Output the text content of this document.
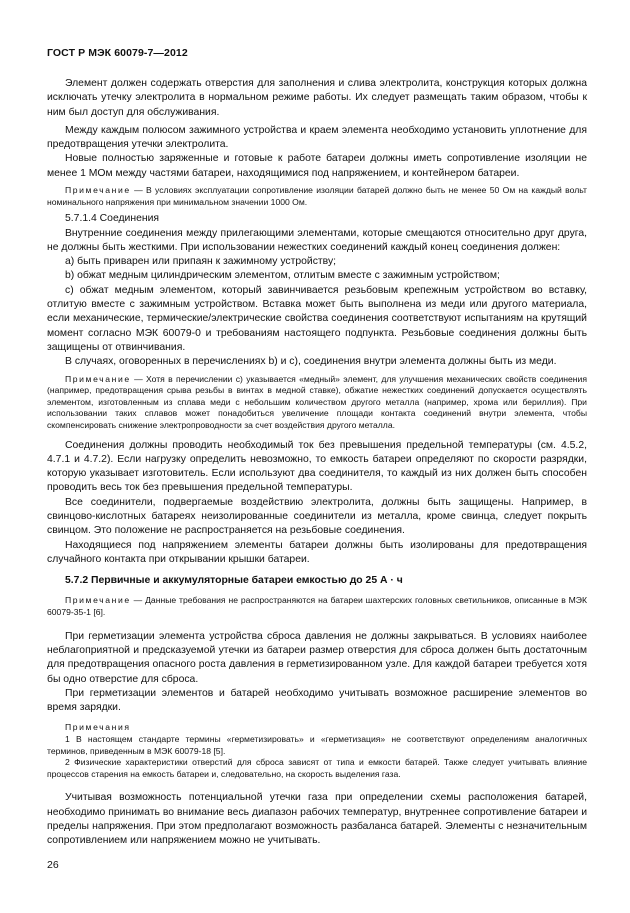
ГОСТ Р МЭК 60079-7—2012

Элемент должен содержать отверстия для заполнения и слива электролита, конструкция которых должна исключать утечку электролита в нормальном режиме работы. Их следует размещать таким образом, чтобы к ним был доступ для обслуживания.

Между каждым полюсом зажимного устройства и краем элемента необходимо установить уплотнение для предотвращения утечки электролита.

Новые полностью заряженные и готовые к работе батареи должны иметь сопротивление изоляции не менее 1 МОм между частями батареи, находящимися под напряжением, и контейнером батареи.

Примечание — В условиях эксплуатации сопротивление изоляции батарей должно быть не менее 50 Ом на каждый вольт номинального напряжения при минимальном значении 1000 Ом.

5.7.1.4 Соединения

Внутренние соединения между прилегающими элементами, которые смещаются относительно друг друга, не должны быть жесткими. При использовании нежестких соединений каждый конец соединения должен:

а) быть приварен или припаян к зажимному устройству;

b) обжат медным цилиндрическим элементом, отлитым вместе с зажимным устройством;

с) обжат медным элементом, который завинчивается резьбовым крепежным устройством во вставку, отлитую вместе с зажимным устройством. Вставка может быть выполнена из меди или другого материала, если механические, термические/электрические свойства соединения соответствуют испытаниям на крутящий момент согласно МЭК 60079-0 и требованиям настоящего подпункта. Резьбовые соединения должны быть защищены от отвинчивания.

В случаях, оговоренных в перечислениях b) и с), соединения внутри элемента должны быть из меди.

Примечание — Хотя в перечислении с) указывается «медный» элемент, для улучшения механических свойств соединения (например, предотвращения срыва резьбы в винтах в медной ставке), обжатие нежестких соединений допускается осуществлять элементом, изготовленным из сплава меди с небольшим количеством другого металла (например, хрома или бериллия). При использовании таких сплавов может понадобиться увеличение площади контакта соединений внутри элемента, чтобы скомпенсировать снижение электропроводности за счет воздействия другого металла.

Соединения должны проводить необходимый ток без превышения предельной температуры (см. 4.5.2, 4.7.1 и 4.7.2). Если нагрузку определить невозможно, то емкость батареи определяют по скорости разрядки, которую указывает изготовитель. Если используют два соединителя, то каждый из них должен быть способен проводить весь ток без превышения предельной температуры.

Все соединители, подвергаемые воздействию электролита, должны быть защищены. Например, в свинцово-кислотных батареях неизолированные соединители из металла, кроме свинца, следует покрыть свинцом. Это положение не распространяется на резьбовые соединения.

Находящиеся под напряжением элементы батареи должны быть изолированы для предотвращения случайного контакта при открывании крышки батареи.

5.7.2 Первичные и аккумуляторные батареи емкостью до 25 А · ч

Примечание — Данные требования не распространяются на батареи шахтерских головных светильников, описанные в МЭК 60079-35-1 [6].

При герметизации элемента устройства сброса давления не должны закрываться. В условиях наиболее неблагоприятной и предсказуемой утечки из батареи размер отверстия для сброса должен быть достаточным для предотвращения опасного роста давления в герметизированном узле. Для каждой батареи требуется хотя бы одно отверстие для сброса.

При герметизации элементов и батарей необходимо учитывать возможное расширение элементов во время зарядки.

Примечания

1 В настоящем стандарте термины «герметизировать» и «герметизация» не соответствуют определениям аналогичных терминов, приведенным в МЭК 60079-18 [5].

2 Физические характеристики отверстий для сброса зависят от типа и емкости батарей. Также следует учитывать влияние процессов старения на емкость батареи и, следовательно, на скорость выделения газа.

Учитывая возможность потенциальной утечки газа при определении схемы расположения батарей, необходимо принимать во внимание весь диапазон рабочих температур, внутреннее сопротивление батареи и пределы напряжения. При этом предполагают возможность разбаланса батарей. Элементы с незначительным сопротивлением или напряжением можно не учитывать.

26
